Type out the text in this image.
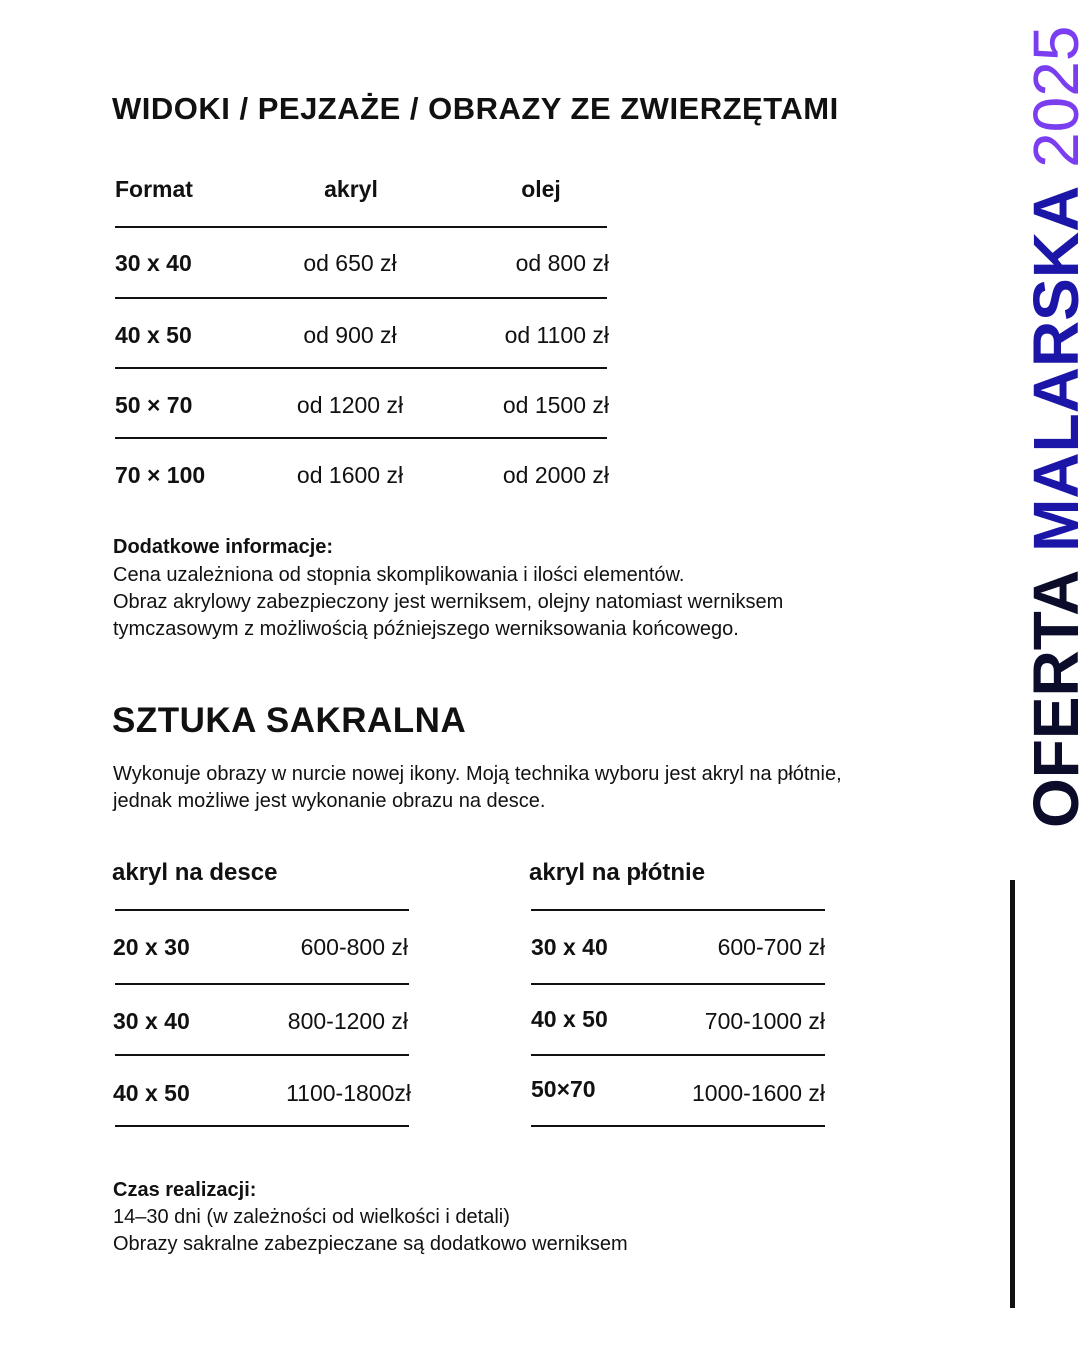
WIDOKI / PEJZAŻE / OBRAZY ZE ZWIERZĘTAMI
Format	akryl	olej
30 x 40	od 650 zł	od 800 zł
40 x 50	od 900 zł	od 1100 zł
50 × 70	od 1200 zł	od 1500 zł
70 × 100	od 1600 zł	od 2000 zł
Dodatkowe informacje:
Cena uzależniona od stopnia skomplikowania i ilości elementów.
Obraz akrylowy zabezpieczony jest werniksem, olejny natomiast werniksem
tymczasowym z możliwością późniejszego werniksowania końcowego.
SZTUKA SAKRALNA
Wykonuje obrazy w nurcie nowej ikony. Moją technika wyboru jest akryl na płótnie,
jednak możliwe jest wykonanie obrazu na desce.
akryl na desce
20 x 30	600-800 zł
30 x 40	800-1200 zł
40 x 50	1100-1800zł
akryl na płótnie
30 x 40	600-700 zł
40 x 50	700-1000 zł
50×70	1000-1600 zł
Czas realizacji:
14–30 dni (w zależności od wielkości i detali)
Obrazy sakralne zabezpieczane są dodatkowo werniksem
OFERTA MALARSKA 2025
